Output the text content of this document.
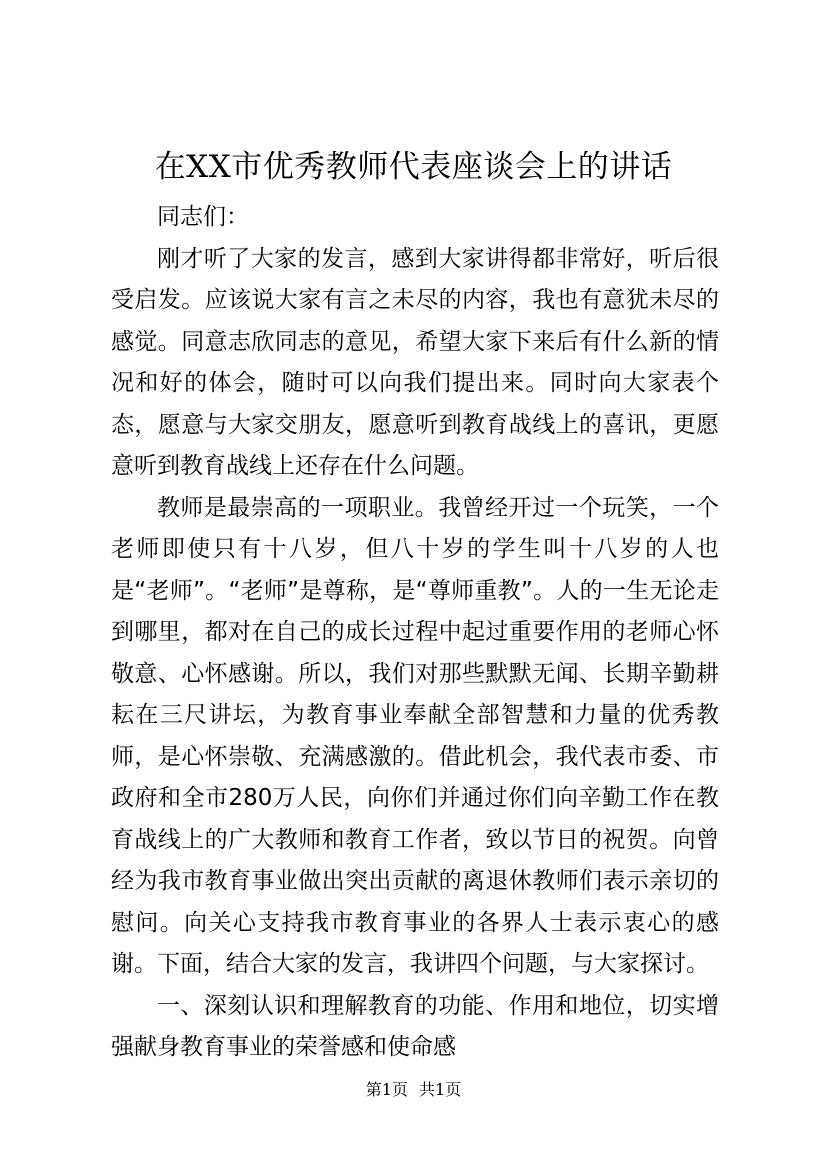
在XX市优秀教师代表座谈会上的讲话

同志们：

刚才听了大家的发言，感到大家讲得都非常好，听后很受启发。应该说大家有言之未尽的内容，我也有意犹未尽的感觉。同意志欣同志的意见，希望大家下来后有什么新的情况和好的体会，随时可以向我们提出来。同时向大家表个态，愿意与大家交朋友，愿意听到教育战线上的喜讯，更愿意听到教育战线上还存在什么问题。

教师是最崇高的一项职业。我曾经开过一个玩笑，一个老师即使只有十八岁，但八十岁的学生叫十八岁的人也是“老师”。“老师”是尊称，是“尊师重教”。人的一生无论走到哪里，都对在自己的成长过程中起过重要作用的老师心怀敬意、心怀感谢。所以，我们对那些默默无闻、长期辛勤耕耘在三尺讲坛，为教育事业奉献全部智慧和力量的优秀教师，是心怀崇敬、充满感激的。借此机会，我代表市委、市政府和全市280万人民，向你们并通过你们向辛勤工作在教育战线上的广大教师和教育工作者，致以节日的祝贺。向曾经为我市教育事业做出突出贡献的离退休教师们表示亲切的慰问。向关心支持我市教育事业的各界人士表示衷心的感谢。下面，结合大家的发言，我讲四个问题，与大家探讨。

一、深刻认识和理解教育的功能、作用和地位，切实增强献身教育事业的荣誉感和使命感

第1页 共1页
